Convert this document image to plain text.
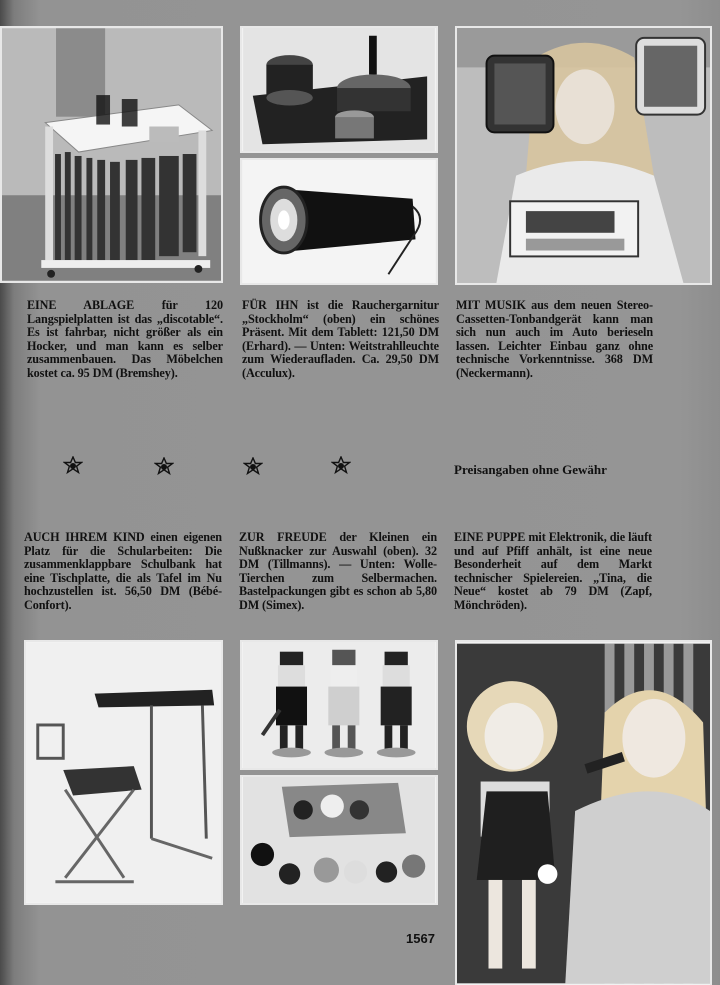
EINE ABLAGE für 120 Langspielplatten ist das „discotable“. Es ist fahrbar, nicht größer als ein Hocker, und man kann es selber zusammenbauen. Das Möbelchen kostet ca. 95 DM (Bremshey).
FÜR IHN ist die Rauchergarnitur „Stockholm“ (oben) ein schönes Präsent. Mit dem Tablett: 121,50 DM (Erhard). — Unten: Weitstrahlleuchte zum Wiederaufladen. Ca. 29,50 DM (Acculux).
MIT MUSIK aus dem neuen Stereo-Cassetten-Tonbandgerät kann man sich nun auch im Auto berieseln lassen. Leichter Einbau ganz ohne technische Vorkenntnisse. 368 DM (Neckermann).
Preisangaben ohne Gewähr
AUCH IHREM KIND einen eigenen Platz für die Schularbeiten: Die zusammenklappbare Schulbank hat eine Tischplatte, die als Tafel im Nu hochzustellen ist. 56,50 DM (Bébé-Confort).
ZUR FREUDE der Kleinen ein Nußknacker zur Auswahl (oben). 32 DM (Tillmanns). — Unten: WolleTierchen zum Selbermachen. Bastelpackungen gibt es schon ab 5,80 DM (Simex).
EINE PUPPE mit Elektronik, die läuft und auf Pfiff anhält, ist eine neue Besonderheit auf dem Markt technischer Spielereien. „Tina, die Neue“ kostet ab 79 DM (Zapf, Mönchröden).
1567
